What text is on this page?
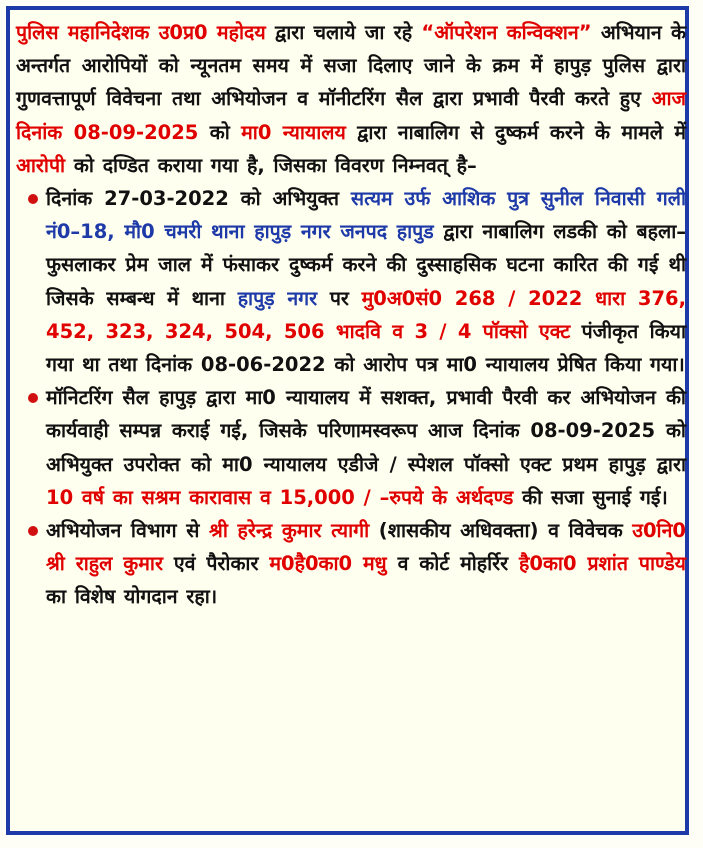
पुलिस महानिदेशक उ0प्र0 महोदय द्वारा चलाये जा रहे “ऑपरेशन कन्विक्शन” अभियान के अन्तर्गत आरोपियों को न्यूनतम समय में सजा दिलाए जाने के क्रम में हापुड़ पुलिस द्वारा गुणवत्तापूर्ण विवेचना तथा अभियोजन व मॉनीटरिंग सैल द्वारा प्रभावी पैरवी करते हुए आज दिनांक 08-09-2025 को मा0 न्यायालय द्वारा नाबालिग से दुष्कर्म करने के मामले में आरोपी को दण्डित कराया गया है, जिसका विवरण निम्नवत् है–

दिनांक 27-03-2022 को अभियुक्त सत्यम उर्फ आशिक पुत्र सुनील निवासी गली नं0–18, मौ0 चमरी थाना हापुड़ नगर जनपद हापुड द्वारा नाबालिग लडकी को बहला–फुसलाकर प्रेम जाल में फंसाकर दुष्कर्म करने की दुस्साहसिक घटना कारित की गई थी जिसके सम्बन्ध में थाना हापुड़ नगर पर मु0अ0सं0 268 / 2022 धारा 376, 452, 323, 324, 504, 506 भादवि व 3 / 4 पॉक्सो एक्ट पंजीकृत किया गया था तथा दिनांक 08-06-2022 को आरोप पत्र मा0 न्यायालय प्रेषित किया गया।
मॉनिटरिंग सैल हापुड़ द्वारा मा0 न्यायालय में सशक्त, प्रभावी पैरवी कर अभियोजन की कार्यवाही सम्पन्न कराई गई, जिसके परिणामस्वरूप आज दिनांक 08-09-2025 को अभियुक्त उपरोक्त को मा0 न्यायालय एडीजे / स्पेशल पॉक्सो एक्ट प्रथम हापुड़ द्वारा 10 वर्ष का सश्रम कारावास व 15,000 / –रुपये के अर्थदण्ड की सजा सुनाई गई।
अभियोजन विभाग से श्री हरेन्द्र कुमार त्यागी (शासकीय अधिवक्ता) व विवेचक उ0नि0 श्री राहुल कुमार एवं पैरोकार म0है0का0 मधु व कोर्ट मोहर्रिर है0का0 प्रशांत पाण्डेय का विशेष योगदान रहा।
